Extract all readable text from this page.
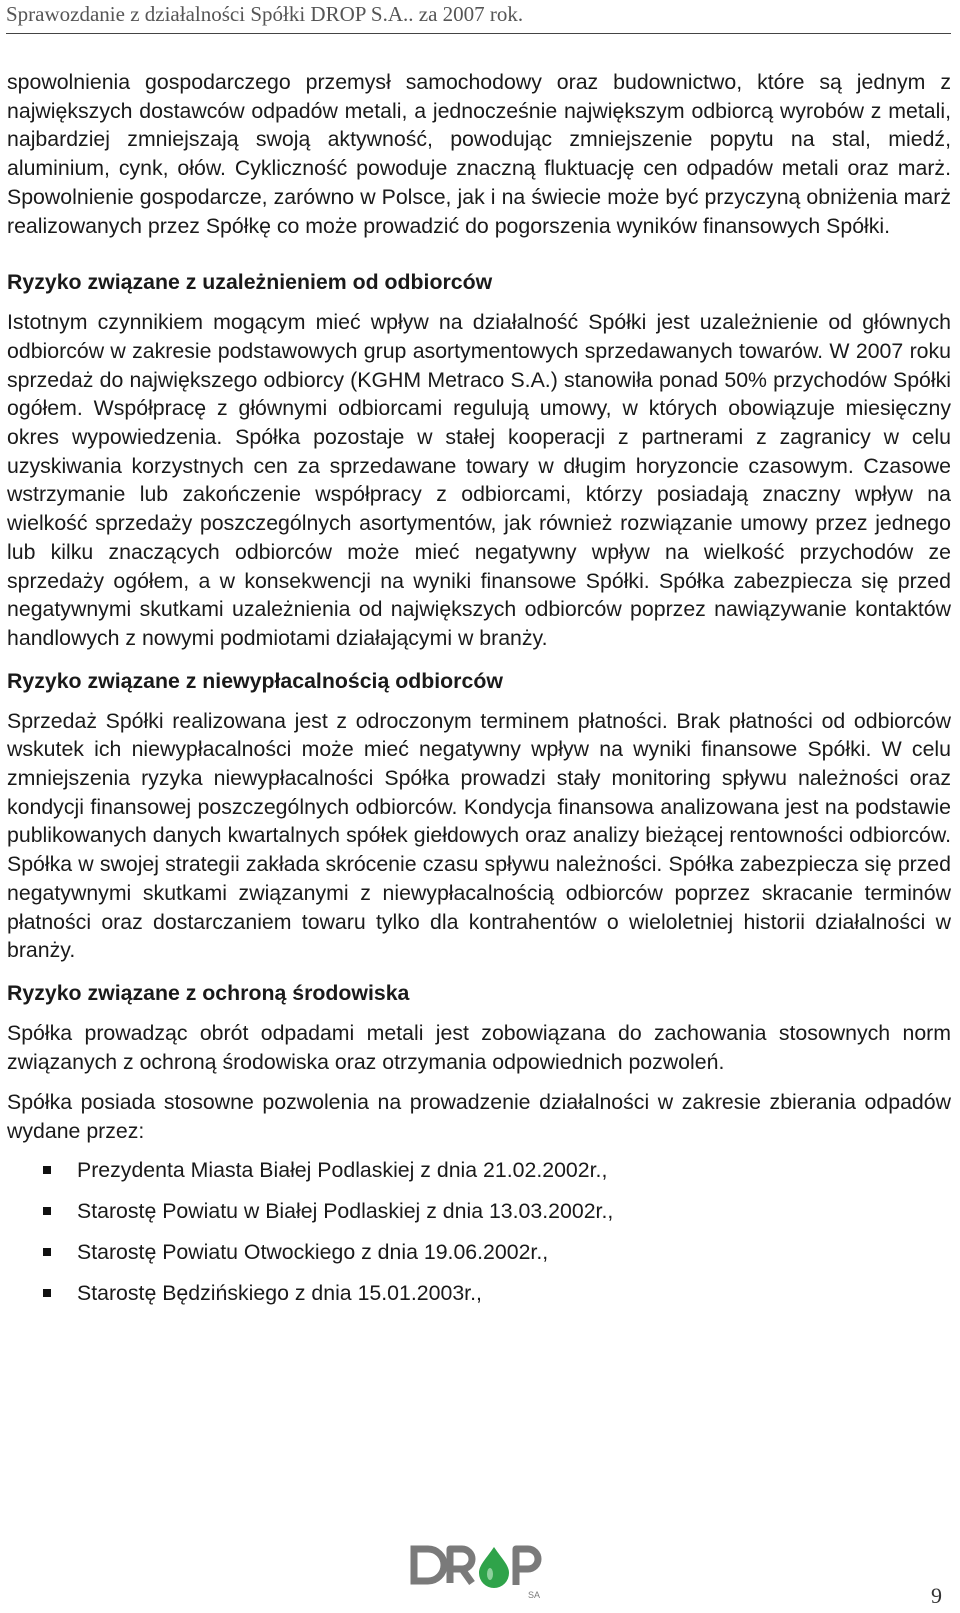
Sprawozdanie z działalności Spółki DROP S.A.. za 2007 rok.

spowolnienia gospodarczego przemysł samochodowy oraz budownictwo, które są jednym z największych dostawców odpadów metali, a jednocześnie największym odbiorcą wyrobów z metali, najbardziej zmniejszają swoją aktywność, powodując zmniejszenie popytu na stal, miedź, aluminium, cynk, ołów. Cykliczność powoduje znaczną fluktuację cen odpadów metali oraz marż. Spowolnienie gospodarcze, zarówno w Polsce, jak i na świecie może być przyczyną obniżenia marż realizowanych przez Spółkę co może prowadzić do pogorszenia wyników finansowych Spółki.

Ryzyko związane z uzależnieniem od odbiorców

Istotnym czynnikiem mogącym mieć wpływ na działalność Spółki jest uzależnienie od głównych odbiorców w zakresie podstawowych grup asortymentowych sprzedawanych towarów. W 2007 roku sprzedaż do największego odbiorcy (KGHM Metraco S.A.) stanowiła ponad 50% przychodów Spółki ogółem. Współpracę z głównymi odbiorcami regulują umowy, w których obowiązuje miesięczny okres wypowiedzenia. Spółka pozostaje w stałej kooperacji z partnerami z zagranicy w celu uzyskiwania korzystnych cen za sprzedawane towary w długim horyzoncie czasowym. Czasowe wstrzymanie lub zakończenie współpracy z odbiorcami, którzy posiadają znaczny wpływ na wielkość sprzedaży poszczególnych asortymentów, jak również rozwiązanie umowy przez jednego lub kilku znaczących odbiorców może mieć negatywny wpływ na wielkość przychodów ze sprzedaży ogółem, a w konsekwencji na wyniki finansowe Spółki. Spółka zabezpiecza się przed negatywnymi skutkami uzależnienia od największych odbiorców poprzez nawiązywanie kontaktów handlowych z nowymi podmiotami działającymi w branży.

Ryzyko związane z niewypłacalnością odbiorców

Sprzedaż Spółki realizowana jest z odroczonym terminem płatności. Brak płatności od odbiorców wskutek ich niewypłacalności może mieć negatywny wpływ na wyniki finansowe Spółki. W celu zmniejszenia ryzyka niewypłacalności Spółka prowadzi stały monitoring spływu należności oraz kondycji finansowej poszczególnych odbiorców. Kondycja finansowa analizowana jest na podstawie publikowanych danych kwartalnych spółek giełdowych oraz analizy bieżącej rentowności odbiorców. Spółka w swojej strategii zakłada skrócenie czasu spływu należności. Spółka zabezpiecza się przed negatywnymi skutkami związanymi z niewypłacalnością odbiorców poprzez skracanie terminów płatności oraz dostarczaniem towaru tylko dla kontrahentów o wieloletniej historii działalności w branży.

Ryzyko związane z ochroną środowiska

Spółka prowadząc obrót odpadami metali jest zobowiązana do zachowania stosownych norm związanych z ochroną środowiska oraz otrzymania odpowiednich pozwoleń.

Spółka posiada stosowne pozwolenia na prowadzenie działalności w zakresie zbierania odpadów wydane przez:

Prezydenta Miasta Białej Podlaskiej z dnia 21.02.2002r.,
Starostę Powiatu w Białej Podlaskiej z dnia 13.03.2002r.,
Starostę Powiatu Otwockiego z dnia 19.06.2002r.,
Starostę Będzińskiego z dnia 15.01.2003r.,
SA	9
